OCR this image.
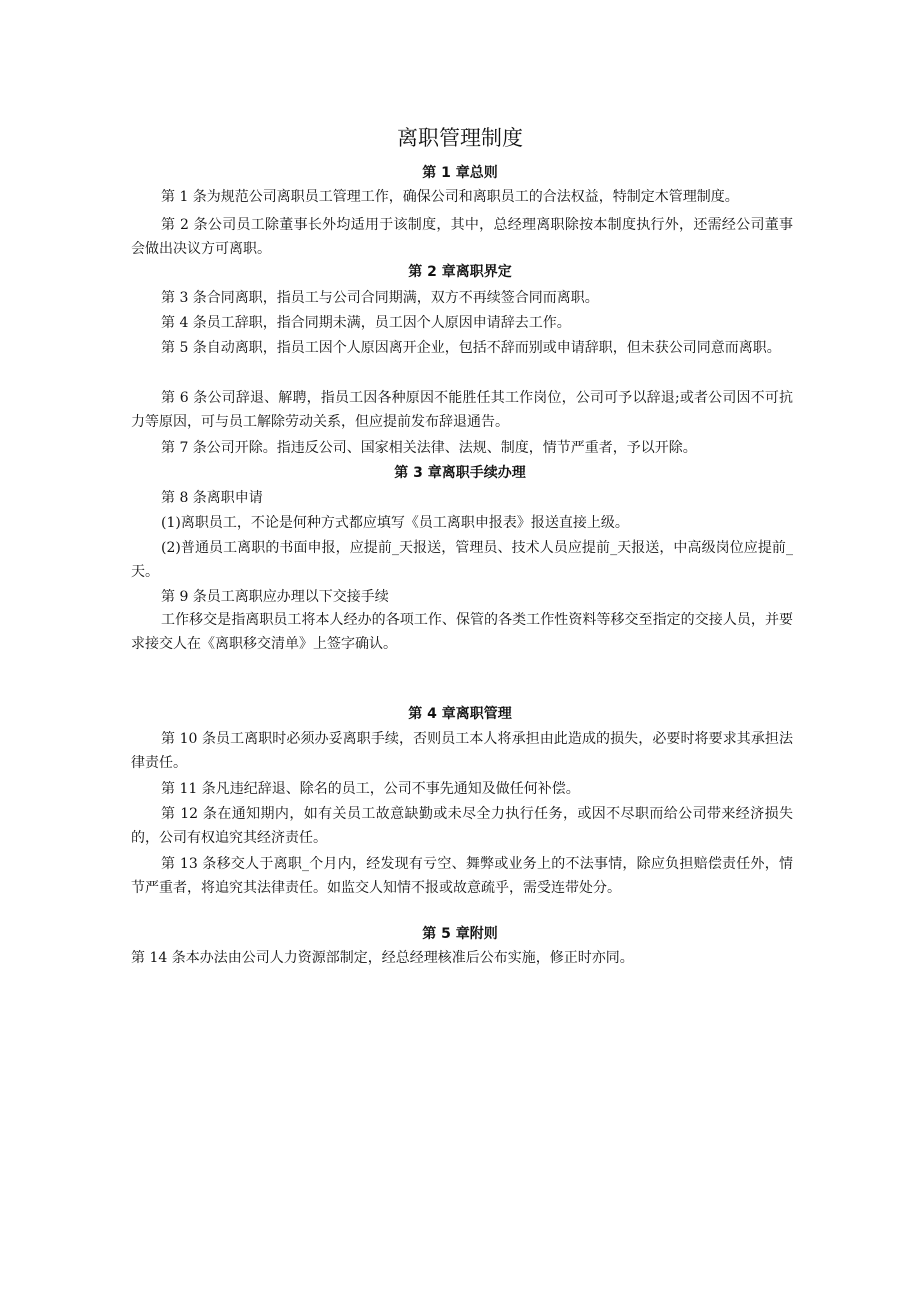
离职管理制度
第 1 章总则
第 1 条为规范公司离职员工管理工作，确保公司和离职员工的合法权益，特制定木管理制度。
第 2 条公司员工除董事长外均适用于该制度，其中，总经理离职除按本制度执行外，还需经公司董事会做出决议方可离职。
第 2 章离职界定
第 3 条合同离职，指员工与公司合同期满，双方不再续签合同而离职。
第 4 条员工辞职，指合同期未满，员工因个人原因申请辞去工作。
第 5 条自动离职，指员工因个人原因离开企业，包括不辞而别或申请辞职，但未获公司同意而离职。
第 6 条公司辞退、解聘，指员工因各种原因不能胜任其工作岗位，公司可予以辞退;或者公司因不可抗力等原因，可与员工解除劳动关系，但应提前发布辞退通告。
第 7 条公司开除。指违反公司、国家相关法律、法规、制度，情节严重者，予以开除。
第 3 章离职手续办理
第 8 条离职申请
(1)离职员工，不论是何种方式都应填写《员工离职申报表》报送直接上级。
(2)普通员工离职的书面申报，应提前_天报送，管理员、技术人员应提前_天报送，中高级岗位应提前_天。
第 9 条员工离职应办理以下交接手续
工作移交是指离职员工将本人经办的各项工作、保管的各类工作性资料等移交至指定的交接人员，并要求接交人在《离职移交清单》上签字确认。
第 4 章离职管理
第 10 条员工离职时必须办妥离职手续，否则员工本人将承担由此造成的损失，必要时将要求其承担法律责任。
第 11 条凡违纪辞退、除名的员工，公司不事先通知及做任何补偿。
第 12 条在通知期内，如有关员工故意缺勤或未尽全力执行任务，或因不尽职而给公司带来经济损失的，公司有权追究其经济责任。
第 13 条移交人于离职_个月内，经发现有亏空、舞弊或业务上的不法事情，除应负担赔偿责任外，情节严重者，将追究其法律责任。如监交人知情不报或故意疏乎，需受连带处分。
第 5 章附则
第 14 条本办法由公司人力资源部制定，经总经理核准后公布实施，修正时亦同。
